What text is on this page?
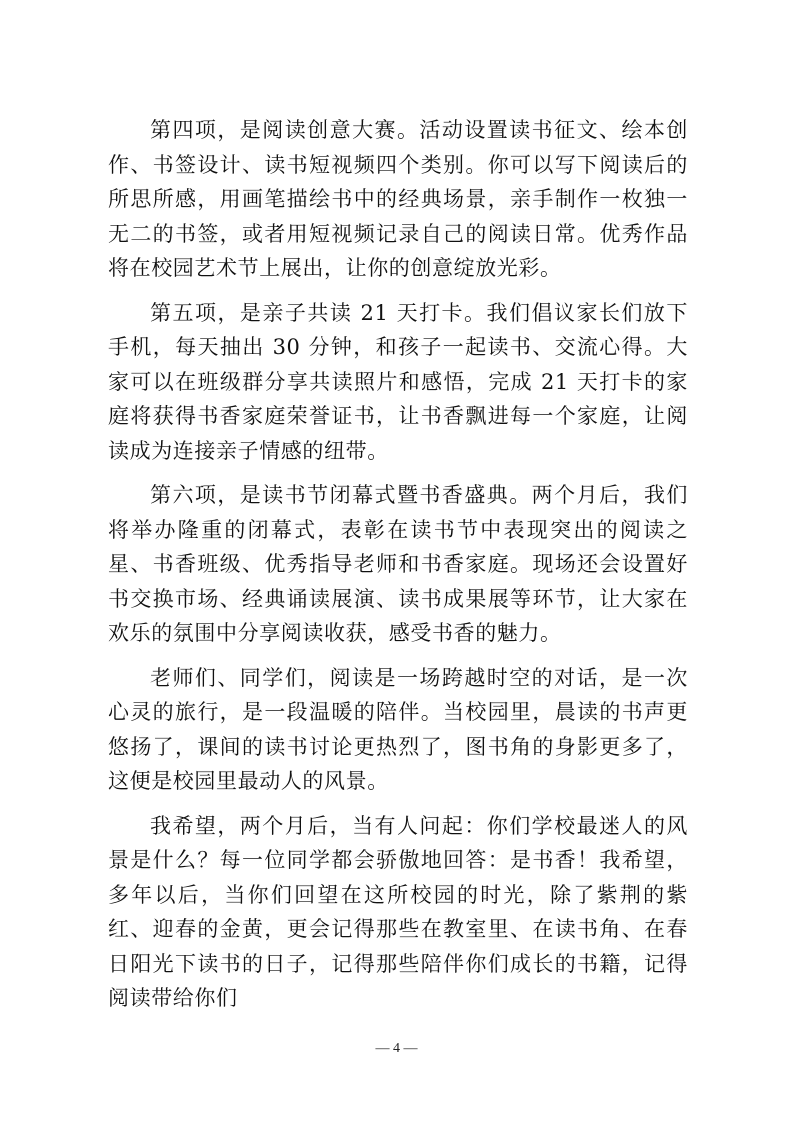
第四项，是阅读创意大赛。活动设置读书征文、绘本创作、书签设计、读书短视频四个类别。你可以写下阅读后的所思所感，用画笔描绘书中的经典场景，亲手制作一枚独一无二的书签，或者用短视频记录自己的阅读日常。优秀作品将在校园艺术节上展出，让你的创意绽放光彩。

第五项，是亲子共读 21 天打卡。我们倡议家长们放下手机，每天抽出 30 分钟，和孩子一起读书、交流心得。大家可以在班级群分享共读照片和感悟，完成 21 天打卡的家庭将获得书香家庭荣誉证书，让书香飘进每一个家庭，让阅读成为连接亲子情感的纽带。

第六项，是读书节闭幕式暨书香盛典。两个月后，我们将举办隆重的闭幕式，表彰在读书节中表现突出的阅读之星、书香班级、优秀指导老师和书香家庭。现场还会设置好书交换市场、经典诵读展演、读书成果展等环节，让大家在欢乐的氛围中分享阅读收获，感受书香的魅力。

老师们、同学们，阅读是一场跨越时空的对话，是一次心灵的旅行，是一段温暖的陪伴。当校园里，晨读的书声更悠扬了，课间的读书讨论更热烈了，图书角的身影更多了，这便是校园里最动人的风景。

我希望，两个月后，当有人问起：你们学校最迷人的风景是什么？每一位同学都会骄傲地回答：是书香！我希望，多年以后，当你们回望在这所校园的时光，除了紫荆的紫红、迎春的金黄，更会记得那些在教室里、在读书角、在春日阳光下读书的日子，记得那些陪伴你们成长的书籍，记得阅读带给你们

— 4 —
